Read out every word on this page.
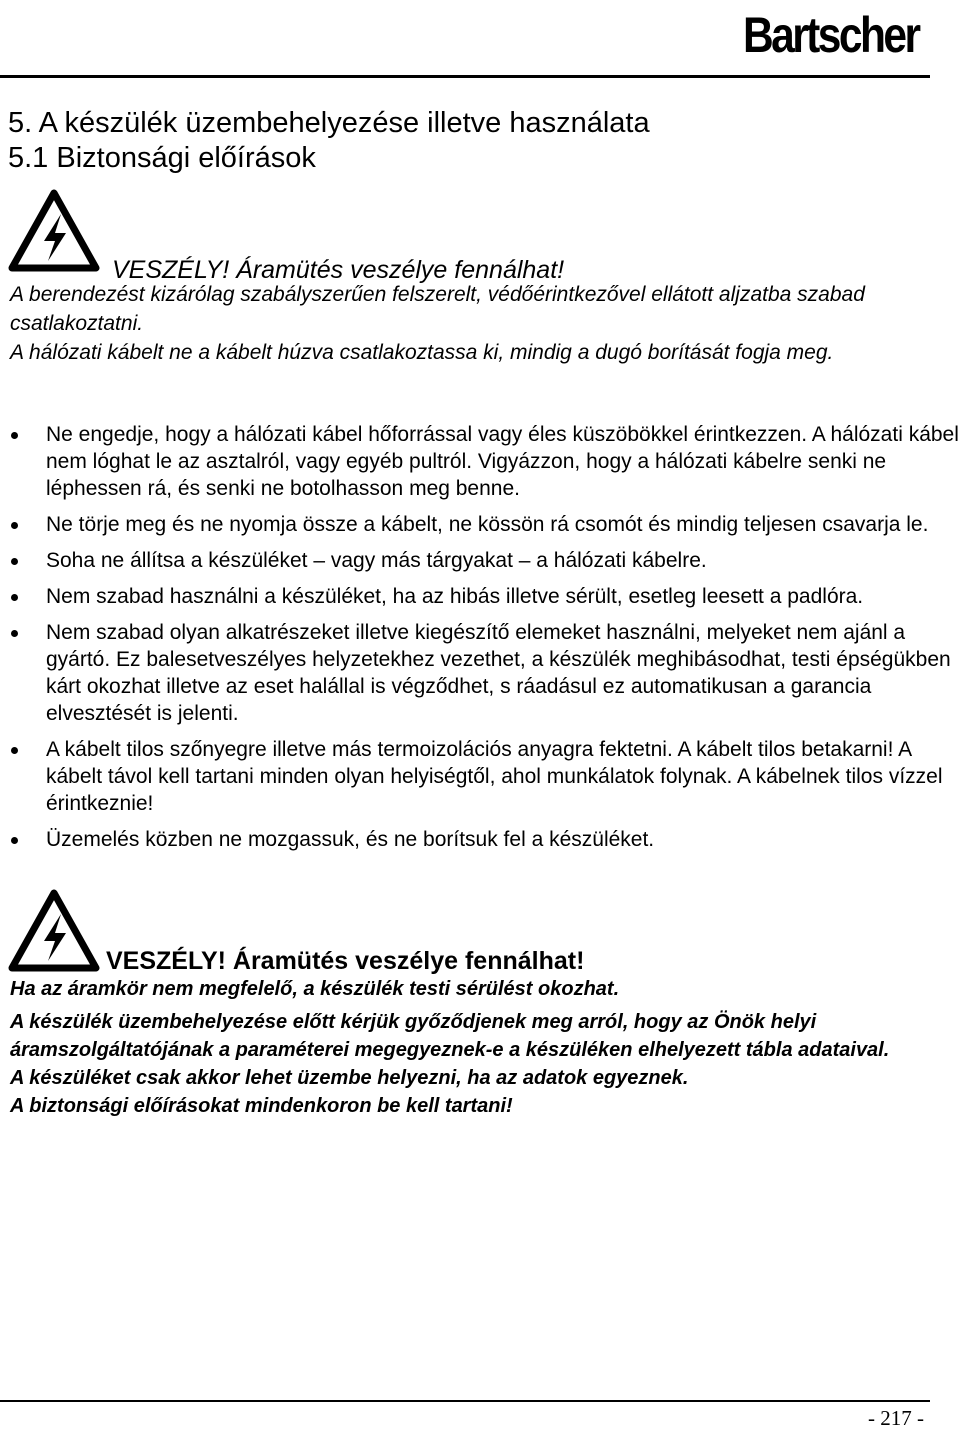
Bartscher
5. A készülék üzembehelyezése illetve használata
5.1 Biztonsági előírások
VESZÉLY! Áramütés veszélye fennálhat!

A berendezést kizárólag szabályszerűen felszerelt, védőérintkezővel ellátott aljzatba szabad csatlakoztatni.

A hálózati kábelt ne a kábelt húzva csatlakoztassa ki, mindig a dugó borítását fogja meg.

Ne engedje, hogy a hálózati kábel hőforrással vagy éles küszöbökkel érintkezzen. A hálózati kábel nem lóghat le az asztalról, vagy egyéb pultról. Vigyázzon, hogy a hálózati kábelre senki ne léphessen rá, és senki ne botolhasson meg benne.
Ne törje meg és ne nyomja össze a kábelt, ne kössön rá csomót és mindig teljesen csavarja le.
Soha ne állítsa a készüléket – vagy más tárgyakat – a hálózati kábelre.
Nem szabad használni a készüléket, ha az hibás illetve sérült, esetleg leesett a padlóra.
Nem szabad olyan alkatrészeket illetve kiegészítő elemeket használni, melyeket nem ajánl a gyártó. Ez balesetveszélyes helyzetekhez vezethet, a készülék meghibásodhat, testi épségükben kárt okozhat illetve az eset halállal is végződhet, s ráadásul ez automatikusan a garancia elvesztését is jelenti.
A kábelt tilos szőnyegre illetve más termoizolációs anyagra fektetni. A kábelt tilos betakarni! A kábelt távol kell tartani minden olyan helyiségtől, ahol munkálatok folynak. A kábelnek tilos vízzel érintkeznie!
Üzemelés közben ne mozgassuk, és ne borítsuk fel a készüléket.
VESZÉLY! Áramütés veszélye fennálhat!

Ha az áramkör nem megfelelő, a készülék testi sérülést okozhat.

A készülék üzembehelyezése előtt kérjük győződjenek meg arról, hogy az Önök helyi áramszolgáltatójának a paraméterei megegyeznek-e a készüléken elhelyezett tábla adataival.

A készüléket csak akkor lehet üzembe helyezni, ha az adatok egyeznek.

A biztonsági előírásokat mindenkoron be kell tartani!

- 217 -
